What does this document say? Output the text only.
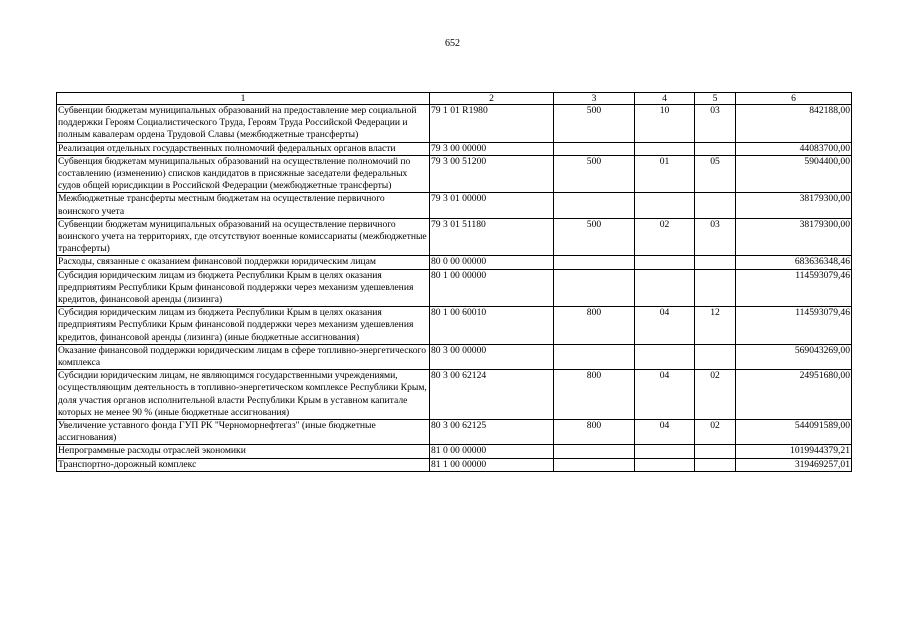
652
1	2	3	4	5	6
Субвенции бюджетам муниципальных образований на предоставление мер социальной поддержки Героям Социалистического Труда, Героям Труда Российской Федерации и полным кавалерам ордена Трудовой Славы (межбюджетные трансферты)	79 1 01 R1980	500	10	03	842188,00
Реализация отдельных государственных полномочий федеральных органов власти	79 3 00 00000				44083700,00
Субвенция бюджетам муниципальных образований на осуществление полномочий по составлению (изменению) списков кандидатов в присяжные заседатели федеральных судов общей юрисдикции в Российской Федерации (межбюджетные трансферты)	79 3 00 51200	500	01	05	5904400,00
Межбюджетные трансферты местным бюджетам на осуществление первичного воинского учета	79 3 01 00000				38179300,00
Субвенции бюджетам муниципальных образований на осуществление первичного воинского учета на территориях, где отсутствуют военные комиссариаты (межбюджетные трансферты)	79 3 01 51180	500	02	03	38179300,00
Расходы, связанные с оказанием финансовой поддержки юридическим лицам	80 0 00 00000				683636348,46
Субсидия юридическим лицам из бюджета Республики Крым в целях оказания предприятиям Республики Крым финансовой поддержки через механизм удешевления кредитов, финансовой аренды (лизинга)	80 1 00 00000				114593079,46
Субсидия юридическим лицам из бюджета Республики Крым в целях оказания предприятиям Республики Крым финансовой поддержки через механизм удешевления кредитов, финансовой аренды (лизинга) (иные бюджетные ассигнования)	80 1 00 60010	800	04	12	114593079,46
Оказание финансовой поддержки юридическим лицам в сфере топливно-энергетического комплекса	80 3 00 00000				569043269,00
Субсидии юридическим лицам, не являющимся государственными учреждениями, осуществляющим деятельность в топливно-энергетическом комплексе Республики Крым, доля участия органов исполнительной власти Республики Крым в уставном капитале которых не менее 90 % (иные бюджетные ассигнования)	80 3 00 62124	800	04	02	24951680,00
Увеличение уставного фонда ГУП РК "Черноморнефтегаз" (иные бюджетные ассигнования)	80 3 00 62125	800	04	02	544091589,00
Непрограммные расходы отраслей экономики	81 0 00 00000				1019944379,21
Транспортно-дорожный комплекс	81 1 00 00000				319469257,01
